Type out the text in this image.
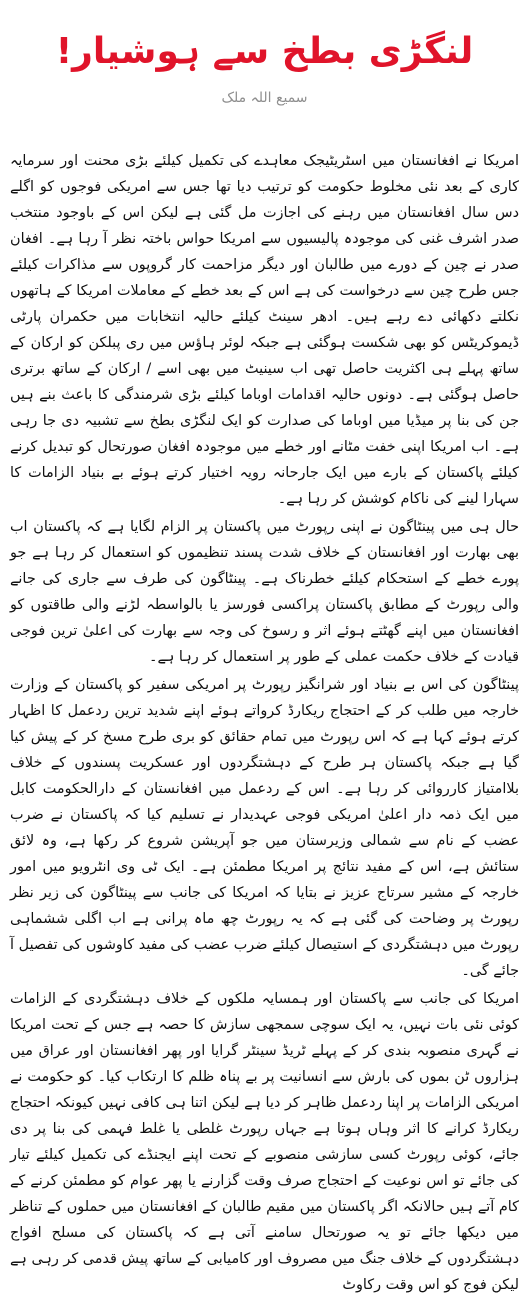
لنگڑی بطخ سے ہوشیار!
سمیع اللہ ملک

امریکا نے افغانستان میں اسٹریٹیجک معاہدے کی تکمیل کیلئے بڑی محنت اور سرمایہ کاری کے بعد نئی مخلوط حکومت کو ترتیب دیا تھا جس سے امریکی فوجوں کو اگلے دس سال افغانستان میں رہنے کی اجازت مل گئی ہے لیکن اس کے باوجود منتخب صدر اشرف غنی کی موجودہ پالیسیوں سے امریکا حواس باختہ نظر آ رہا ہے۔ افغان صدر نے چین کے دورے میں طالبان اور دیگر مزاحمت کار گروپوں سے مذاکرات کیلئے جس طرح چین سے درخواست کی ہے اس کے بعد خطے کے معاملات امریکا کے ہاتھوں نکلتے دکھائی دے رہے ہیں۔ ادھر سینٹ کیلئے حالیہ انتخابات میں حکمران پارٹی ڈیموکریٹس کو بھی شکست ہوگئی ہے جبکہ لوئر ہاؤس میں ری پبلکن کو ارکان کے ساتھ پہلے ہی اکثریت حاصل تھی اب سینیٹ میں بھی اسے / ارکان کے ساتھ برتری حاصل ہوگئی ہے۔ دونوں حالیہ اقدامات اوباما کیلئے بڑی شرمندگی کا باعث بنے ہیں جن کی بنا پر میڈیا میں اوباما کی صدارت کو ایک لنگڑی بطخ سے تشبیہ دی جا رہی ہے۔ اب امریکا اپنی خفت مٹانے اور خطے میں موجودہ افغان صورتحال کو تبدیل کرنے کیلئے پاکستان کے بارے میں ایک جارحانہ رویہ اختیار کرتے ہوئے بے بنیاد الزامات کا سہارا لینے کی ناکام کوشش کر رہا ہے۔

حال ہی میں پینٹاگون نے اپنی رپورٹ میں پاکستان پر الزام لگایا ہے کہ پاکستان اب بھی بھارت اور افغانستان کے خلاف شدت پسند تنظیموں کو استعمال کر رہا ہے جو پورے خطے کے استحکام کیلئے خطرناک ہے۔ پینٹاگون کی طرف سے جاری کی جانے والی رپورٹ کے مطابق پاکستان پراکسی فورسز یا بالواسطہ لڑنے والی طاقتوں کو افغانستان میں اپنے گھٹتے ہوئے اثر و رسوخ کی وجہ سے بھارت کی اعلیٰ ترین فوجی قیادت کے خلاف حکمت عملی کے طور پر استعمال کر رہا ہے۔

پینٹاگون کی اس بے بنیاد اور شرانگیز رپورٹ پر امریکی سفیر کو پاکستان کے وزارت خارجہ میں طلب کر کے احتجاج ریکارڈ کرواتے ہوئے اپنے شدید ترین ردعمل کا اظہار کرتے ہوئے کہا ہے کہ اس رپورٹ میں تمام حقائق کو بری طرح مسخ کر کے پیش کیا گیا ہے جبکہ پاکستان ہر طرح کے دہشتگردوں اور عسکریت پسندوں کے خلاف بلاامتیاز کارروائی کر رہا ہے۔ اس کے ردعمل میں افغانستان کے دارالحکومت کابل میں ایک ذمہ دار اعلیٰ امریکی فوجی عہدیدار نے تسلیم کیا کہ پاکستان نے ضرب عضب کے نام سے شمالی وزیرستان میں جو آپریشن شروع کر رکھا ہے، وہ لائق ستائش ہے، اس کے مفید نتائج پر امریکا مطمئن ہے۔ ایک ٹی وی انٹرویو میں امور خارجہ کے مشیر سرتاج عزیز نے بتایا کہ امریکا کی جانب سے پینٹاگون کی زیر نظر رپورٹ پر وضاحت کی گئی ہے کہ یہ رپورٹ چھ ماہ پرانی ہے اب اگلی ششماہی رپورٹ میں دہشتگردی کے استیصال کیلئے ضرب عضب کی مفید کاوشوں کی تفصیل آ جائے گی۔

امریکا کی جانب سے پاکستان اور ہمسایہ ملکوں کے خلاف دہشتگردی کے الزامات کوئی نئی بات نہیں، یہ ایک سوچی سمجھی سازش کا حصہ ہے جس کے تحت امریکا نے گہری منصوبہ بندی کر کے پہلے ٹریڈ سینٹر گرایا اور پھر افغانستان اور عراق میں ہزاروں ٹن بموں کی بارش سے انسانیت پر بے پناہ ظلم کا ارتکاب کیا۔ کو حکومت نے امریکی الزامات پر اپنا ردعمل ظاہر کر دیا ہے لیکن اتنا ہی کافی نہیں کیونکہ احتجاج ریکارڈ کرانے کا اثر وہاں ہوتا ہے جہاں رپورٹ غلطی یا غلط فہمی کی بنا پر دی جائے، کوئی رپورٹ کسی سازشی منصوبے کے تحت اپنے ایجنڈے کی تکمیل کیلئے تیار کی جائے تو اس نوعیت کے احتجاج صرف وقت گزارنے یا پھر عوام کو مطمئن کرنے کے کام آتے ہیں حالانکہ اگر پاکستان میں مقیم طالبان کے افغانستان میں حملوں کے تناظر میں دیکھا جائے تو یہ صورتحال سامنے آتی ہے کہ پاکستان کی مسلح افواج دہشتگردوں کے خلاف جنگ میں مصروف اور کامیابی کے ساتھ پیش قدمی کر رہی ہے لیکن فوج کو اس وقت رکاوٹ
